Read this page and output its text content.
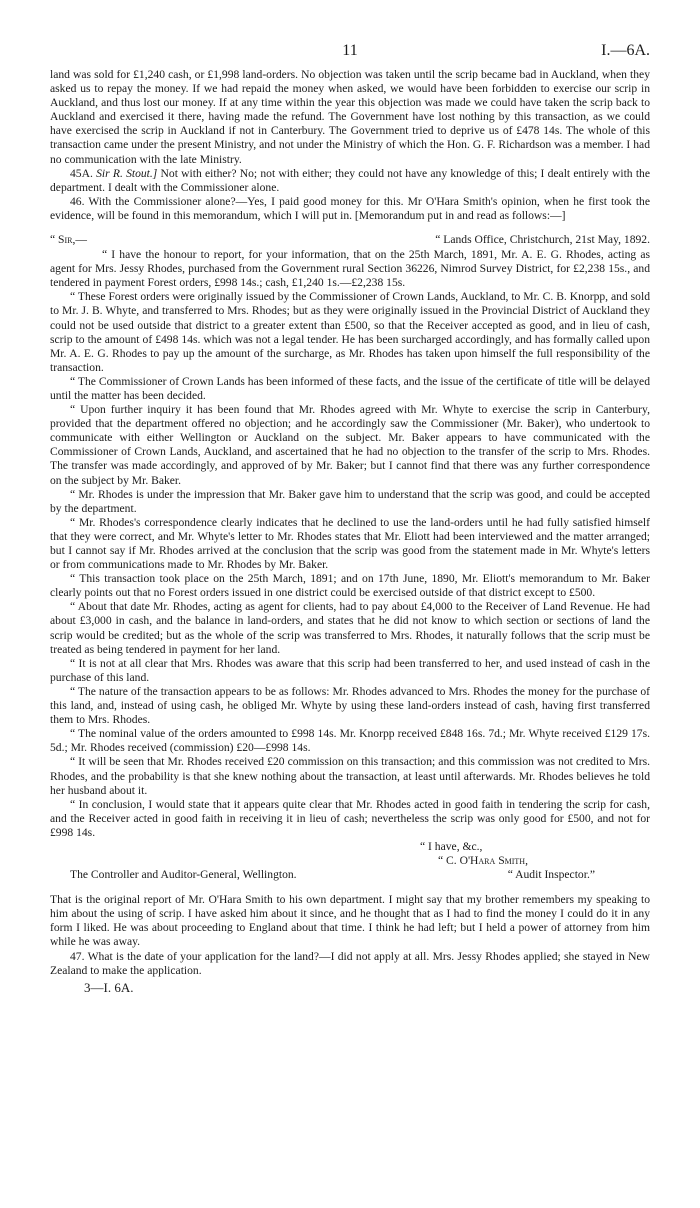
11	I.—6A.

land was sold for £1,240 cash, or £1,998 land-orders. No objection was taken until the scrip became bad in Auckland, when they asked us to repay the money. If we had repaid the money when asked, we would have been forbidden to exercise our scrip in Auckland, and thus lost our money. If at any time within the year this objection was made we could have taken the scrip back to Auckland and exercised it there, having made the refund. The Government have lost nothing by this transaction, as we could have exercised the scrip in Auckland if not in Canterbury. The Government tried to deprive us of £478 14s. The whole of this transaction came under the present Ministry, and not under the Ministry of which the Hon. G. F. Richardson was a member. I had no communication with the late Ministry.

45A. Sir R. Stout.] Not with either? No; not with either; they could not have any knowledge of this; I dealt entirely with the department. I dealt with the Commissioner alone.

46. With the Commissioner alone?—Yes, I paid good money for this. Mr O'Hara Smith's opinion, when he first took the evidence, will be found in this memorandum, which I will put in. [Memorandum put in and read as follows:—]

“ Sir,—	“ Lands Office, Christchurch, 21st May, 1892.

“ I have the honour to report, for your information, that on the 25th March, 1891, Mr. A. E. G. Rhodes, acting as agent for Mrs. Jessy Rhodes, purchased from the Government rural Section 36226, Nimrod Survey District, for £2,238 15s., and tendered in payment Forest orders, £998 14s.; cash, £1,240 1s.—£2,238 15s.

“ These Forest orders were originally issued by the Commissioner of Crown Lands, Auckland, to Mr. C. B. Knorpp, and sold to Mr. J. B. Whyte, and transferred to Mrs. Rhodes; but as they were originally issued in the Provincial District of Auckland they could not be used outside that district to a greater extent than £500, so that the Receiver accepted as good, and in lieu of cash, scrip to the amount of £498 14s. which was not a legal tender. He has been surcharged accordingly, and has formally called upon Mr. A. E. G. Rhodes to pay up the amount of the surcharge, as Mr. Rhodes has taken upon himself the full responsibility of the transaction.

“ The Commissioner of Crown Lands has been informed of these facts, and the issue of the certificate of title will be delayed until the matter has been decided.

“ Upon further inquiry it has been found that Mr. Rhodes agreed with Mr. Whyte to exercise the scrip in Canterbury, provided that the department offered no objection; and he accordingly saw the Commissioner (Mr. Baker), who undertook to communicate with either Wellington or Auckland on the subject. Mr. Baker appears to have communicated with the Commissioner of Crown Lands, Auckland, and ascertained that he had no objection to the transfer of the scrip to Mrs. Rhodes. The transfer was made accordingly, and approved of by Mr. Baker; but I cannot find that there was any further correspondence on the subject by Mr. Baker.

“ Mr. Rhodes is under the impression that Mr. Baker gave him to understand that the scrip was good, and could be accepted by the department.

“ Mr. Rhodes's correspondence clearly indicates that he declined to use the land-orders until he had fully satisfied himself that they were correct, and Mr. Whyte's letter to Mr. Rhodes states that Mr. Eliott had been interviewed and the matter arranged; but I cannot say if Mr. Rhodes arrived at the conclusion that the scrip was good from the statement made in Mr. Whyte's letters or from communications made to Mr. Rhodes by Mr. Baker.

“ This transaction took place on the 25th March, 1891; and on 17th June, 1890, Mr. Eliott's memorandum to Mr. Baker clearly points out that no Forest orders issued in one district could be exercised outside of that district except to £500.

“ About that date Mr. Rhodes, acting as agent for clients, had to pay about £4,000 to the Receiver of Land Revenue. He had about £3,000 in cash, and the balance in land-orders, and states that he did not know to which section or sections of land the scrip would be credited; but as the whole of the scrip was transferred to Mrs. Rhodes, it naturally follows that the scrip must be treated as being tendered in payment for her land.

“ It is not at all clear that Mrs. Rhodes was aware that this scrip had been transferred to her, and used instead of cash in the purchase of this land.

“ The nature of the transaction appears to be as follows: Mr. Rhodes advanced to Mrs. Rhodes the money for the purchase of this land, and, instead of using cash, he obliged Mr. Whyte by using these land-orders instead of cash, having first transferred them to Mrs. Rhodes.

“ The nominal value of the orders amounted to £998 14s. Mr. Knorpp received £848 16s. 7d.; Mr. Whyte received £129 17s. 5d.; Mr. Rhodes received (commission) £20—£998 14s.

“ It will be seen that Mr. Rhodes received £20 commission on this transaction; and this commission was not credited to Mrs. Rhodes, and the probability is that she knew nothing about the transaction, at least until afterwards. Mr. Rhodes believes he told her husband about it.

“ In conclusion, I would state that it appears quite clear that Mr. Rhodes acted in good faith in tendering the scrip for cash, and the Receiver acted in good faith in receiving it in lieu of cash; nevertheless the scrip was only good for £500, and not for £998 14s.

“ I have, &c.,
“ C. O'Hara Smith,
The Controller and Auditor-General, Wellington.	“ Audit Inspector.”

That is the original report of Mr. O'Hara Smith to his own department. I might say that my brother remembers my speaking to him about the using of scrip. I have asked him about it since, and he thought that as I had to find the money I could do it in any form I liked. He was about proceeding to England about that time. I think he had left; but I held a power of attorney from him while he was away.

47. What is the date of your application for the land?—I did not apply at all. Mrs. Jessy Rhodes applied; she stayed in New Zealand to make the application.

3—I. 6A.
